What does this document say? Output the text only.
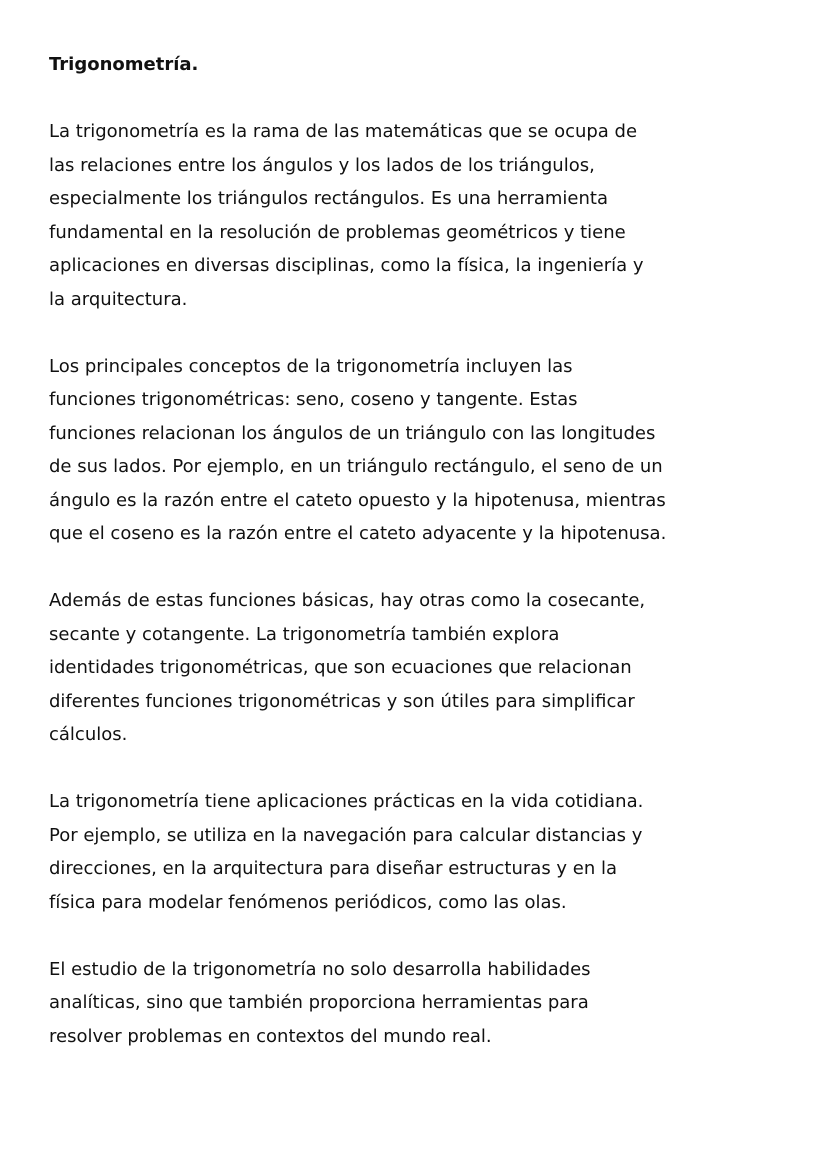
Trigonometría.

La trigonometría es la rama de las matemáticas que se ocupa de
las relaciones entre los ángulos y los lados de los triángulos,
especialmente los triángulos rectángulos. Es una herramienta
fundamental en la resolución de problemas geométricos y tiene
aplicaciones en diversas disciplinas, como la física, la ingeniería y
la arquitectura.

Los principales conceptos de la trigonometría incluyen las
funciones trigonométricas: seno, coseno y tangente. Estas
funciones relacionan los ángulos de un triángulo con las longitudes
de sus lados. Por ejemplo, en un triángulo rectángulo, el seno de un
ángulo es la razón entre el cateto opuesto y la hipotenusa, mientras
que el coseno es la razón entre el cateto adyacente y la hipotenusa.

Además de estas funciones básicas, hay otras como la cosecante,
secante y cotangente. La trigonometría también explora
identidades trigonométricas, que son ecuaciones que relacionan
diferentes funciones trigonométricas y son útiles para simplificar
cálculos.

La trigonometría tiene aplicaciones prácticas en la vida cotidiana.
Por ejemplo, se utiliza en la navegación para calcular distancias y
direcciones, en la arquitectura para diseñar estructuras y en la
física para modelar fenómenos periódicos, como las olas.

El estudio de la trigonometría no solo desarrolla habilidades
analíticas, sino que también proporciona herramientas para
resolver problemas en contextos del mundo real.
